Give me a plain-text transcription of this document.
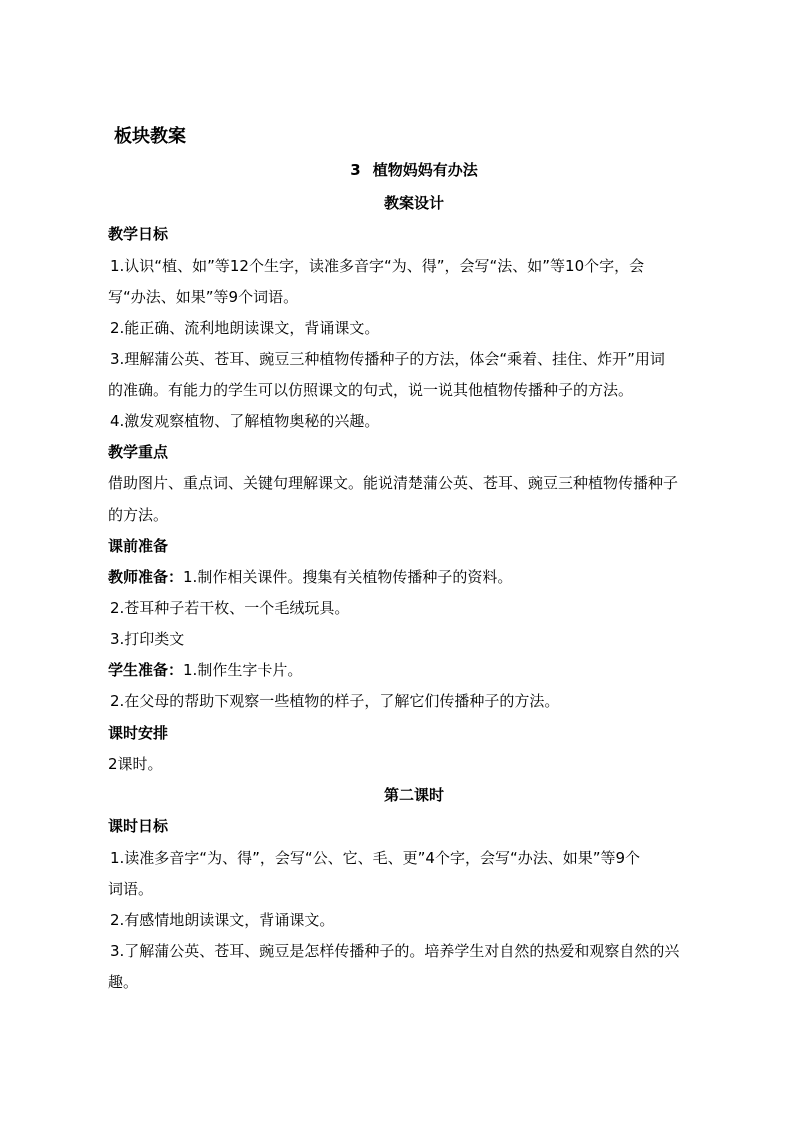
板块教案
3 植物妈妈有办法
教案设计
教学日标
1.认识“植、如”等12个生字，读准多音字“为、得”，会写“法、如”等10个字，会
写“办法、如果”等9个词语。
2.能正确、流利地朗读课文，背诵课文。
3.理解蒲公英、苍耳、豌豆三种植物传播种子的方法，体会“乘着、挂住、炸开”用词
的准确。有能力的学生可以仿照课文的句式，说一说其他植物传播种子的方法。
4.激发观察植物、了解植物奥秘的兴趣。
教学重点
借助图片、重点词、关键句理解课文。能说清楚蒲公英、苍耳、豌豆三种植物传播种子
的方法。
课前准备
教师准备：1.制作相关课件。搜集有关植物传播种子的资料。
2.苍耳种子若干枚、一个毛绒玩具。
3.打印类文
学生准备：1.制作生字卡片。
2.在父母的帮助下观察一些植物的样子，了解它们传播种子的方法。
课时安排
2课时。
第二课时
课时日标
1.读准多音字“为、得”，会写“公、它、毛、更”4个字，会写“办法、如果”等9个
词语。
2.有感情地朗读课文，背诵课文。
3.了解蒲公英、苍耳、豌豆是怎样传播种子的。培养学生对自然的热爱和观察自然的兴
趣。
